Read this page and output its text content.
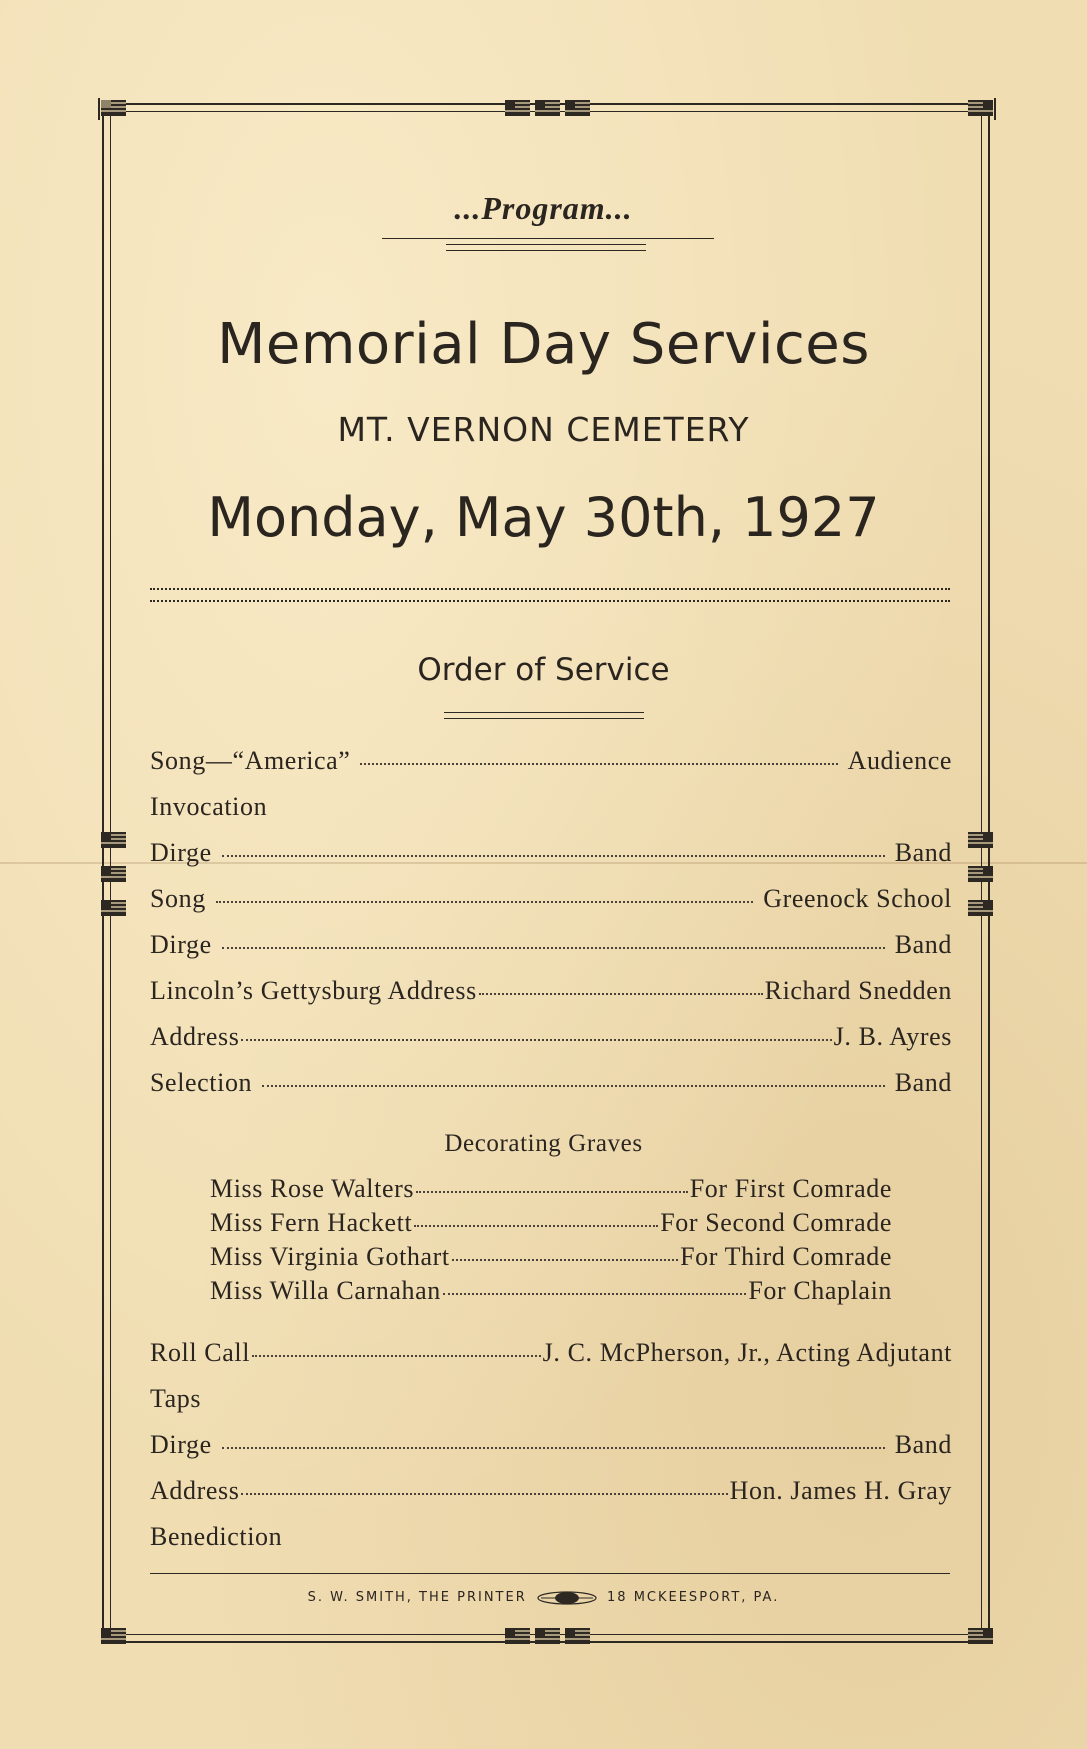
...Program...
Memorial Day Services
MT. VERNON CEMETERY
Monday, May 30th, 1927
Order of Service
Song—“America”	Audience
Invocation
Dirge	Band
Song	Greenock School
Dirge	Band
Lincoln’s Gettysburg Address	Richard Snedden
Address	J. B. Ayres
Selection	Band
Decorating Graves
Miss Rose Walters	For First Comrade
Miss Fern Hackett	For Second Comrade
Miss Virginia Gothart	For Third Comrade
Miss Willa Carnahan	For Chaplain
Roll Call	J. C. McPherson, Jr., Acting Adjutant
Taps
Dirge	Band
Address	Hon. James H. Gray
Benediction
S. W. SMITH, THE PRINTER	18 MCKEESPORT, PA.
